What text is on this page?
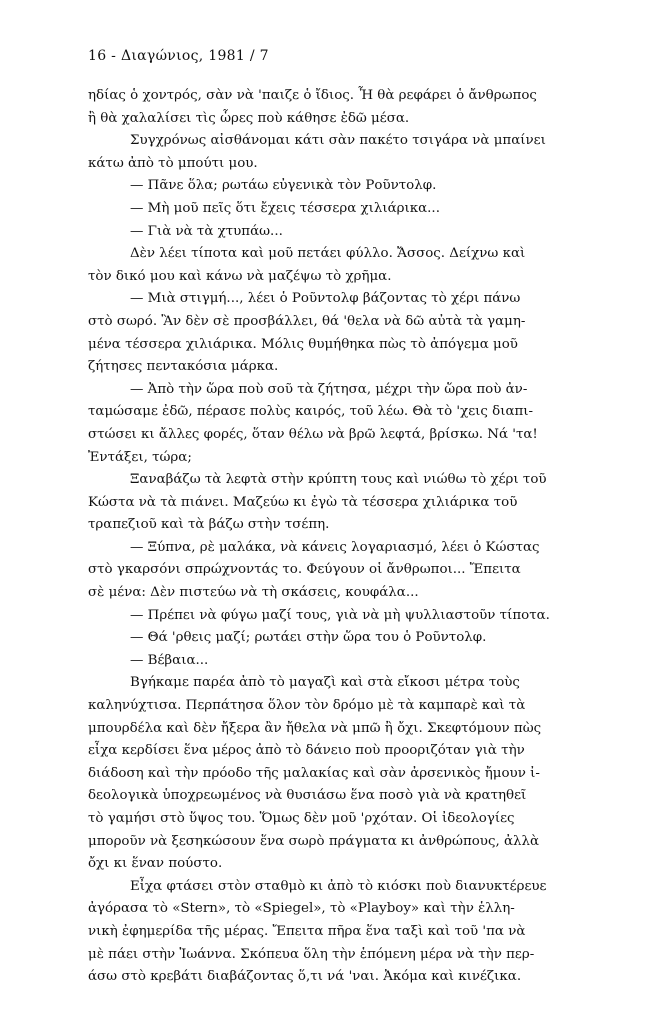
16 - Διαγώνιος, 1981 / 7
ηδίας ὁ χοντρός, σὰν νὰ 'παιζε ὁ ἴδιος. Ἦ θὰ ρεφάρει ὁ ἄνθρωπος
ἢ θὰ χαλαλίσει τὶς ὧρες ποὺ κάθησε ἐδῶ μέσα.
Συγχρόνως αἰσθάνομαι κάτι σὰν πακέτο τσιγάρα νὰ μπαίνει
κάτω ἀπὸ τὸ μπούτι μου.
— Πᾶνε ὅλα; ρωτάω εὐγενικὰ τὸν Ροῦντολφ.
— Μὴ μοῦ πεῖς ὅτι ἔχεις τέσσερα χιλιάρικα...
— Γιὰ νὰ τὰ χτυπάω...
Δὲν λέει τίποτα καὶ μοῦ πετάει φύλλο. Ἄσσος. Δείχνω καὶ
τὸν δικό μου καὶ κάνω νὰ μαζέψω τὸ χρῆμα.
— Μιὰ στιγμή..., λέει ὁ Ροῦντολφ βάζοντας τὸ χέρι πάνω
στὸ σωρό. Ἂν δὲν σὲ προσβάλλει, θά 'θελα νὰ δῶ αὐτὰ τὰ γαμη-
μένα τέσσερα χιλιάρικα. Μόλις θυμήθηκα πὼς τὸ ἀπόγεμα μοῦ
ζήτησες πεντακόσια μάρκα.
— Ἀπὸ τὴν ὥρα ποὺ σοῦ τὰ ζήτησα, μέχρι τὴν ὥρα ποὺ ἀν-
ταμώσαμε ἐδῶ, πέρασε πολὺς καιρός, τοῦ λέω. Θὰ τὸ 'χεις διαπι-
στώσει κι ἄλλες φορές, ὅταν θέλω νὰ βρῶ λεφτά, βρίσκω. Νά 'τα!
Ἐντάξει, τώρα;
Ξαναβάζω τὰ λεφτὰ στὴν κρύπτη τους καὶ νιώθω τὸ χέρι τοῦ
Κώστα νὰ τὰ πιάνει. Μαζεύω κι ἐγὼ τὰ τέσσερα χιλιάρικα τοῦ
τραπεζιοῦ καὶ τὰ βάζω στὴν τσέπη.
— Ξύπνα, ρὲ μαλάκα, νὰ κάνεις λογαριασμό, λέει ὁ Κώστας
στὸ γκαρσόνι σπρώχνοντάς το. Φεύγουν οἱ ἄνθρωποι... Ἔπειτα
σὲ μένα: Δὲν πιστεύω νὰ τὴ σκάσεις, κουφάλα...
— Πρέπει νὰ φύγω μαζί τους, γιὰ νὰ μὴ ψυλλιαστοῦν τίποτα.
— Θά 'ρθεις μαζί; ρωτάει στὴν ὥρα του ὁ Ροῦντολφ.
— Βέβαια...
Βγήκαμε παρέα ἀπὸ τὸ μαγαζὶ καὶ στὰ εἴκοσι μέτρα τοὺς
καληνύχτισα. Περπάτησα ὅλον τὸν δρόμο μὲ τὰ καμπαρὲ καὶ τὰ
μπουρδέλα καὶ δὲν ἤξερα ἂν ἤθελα νὰ μπῶ ἢ ὄχι. Σκεφτόμουν πὼς
εἶχα κερδίσει ἕνα μέρος ἀπὸ τὸ δάνειο ποὺ προοριζόταν γιὰ τὴν
διάδοση καὶ τὴν πρόοδο τῆς μαλακίας καὶ σὰν ἀρσενικὸς ἤμουν ἰ-
δεολογικὰ ὑποχρεωμένος νὰ θυσιάσω ἕνα ποσὸ γιὰ νὰ κρατηθεῖ
τὸ γαμήσι στὸ ὕψος του. Ὅμως δὲν μοῦ 'ρχόταν. Οἱ ἰδεολογίες
μποροῦν νὰ ξεσηκώσουν ἕνα σωρὸ πράγματα κι ἀνθρώπους, ἀλλὰ
ὄχι κι ἕναν πούστο.
Εἶχα φτάσει στὸν σταθμὸ κι ἀπὸ τὸ κιόσκι ποὺ διανυκτέρευε
ἀγόρασα τὸ «Stern», τὸ «Spiegel», τὸ «Playboy» καὶ τὴν ἑλλη-
νικὴ ἐφημερίδα τῆς μέρας. Ἔπειτα πῆρα ἕνα ταξὶ καὶ τοῦ 'πα νὰ
μὲ πάει στὴν Ἰωάννα. Σκόπευα ὅλη τὴν ἑπόμενη μέρα νὰ τὴν περ-
άσω στὸ κρεβάτι διαβάζοντας ὅ,τι νά 'ναι. Ἀκόμα καὶ κινέζικα.
